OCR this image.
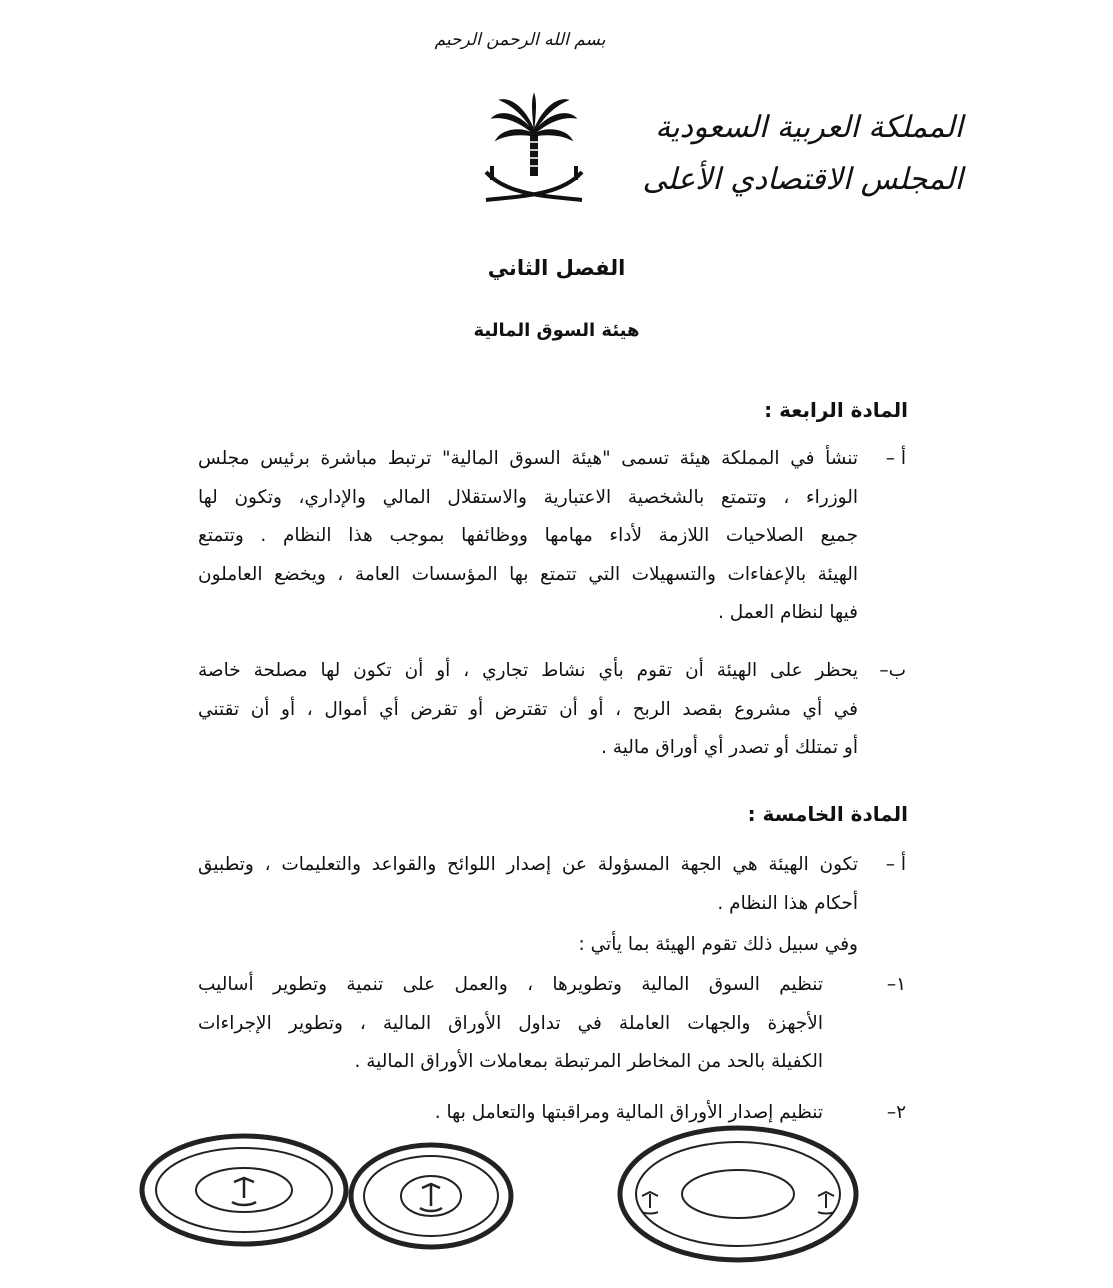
بسم الله الرحمن الرحيم
المملكة العربية السعودية
المجلس الاقتصادي الأعلى
الفصل الثاني
هيئة السوق المالية
المادة الرابعة :
أ –
تنشأ في المملكة هيئة تسمى "هيئة السوق المالية" ترتبط مباشرة برئيس مجلس
الوزراء ، وتتمتع بالشخصية الاعتبارية والاستقلال المالي والإداري، وتكون لها
جميع الصلاحيات اللازمة لأداء مهامها ووظائفها بموجب هذا النظام . وتتمتع
الهيئة بالإعفاءات والتسهيلات التي تتمتع بها المؤسسات العامة ، ويخضع العاملون
فيها لنظام العمل .
ب–
يحظر على الهيئة أن تقوم بأي نشاط تجاري ، أو أن تكون لها مصلحة خاصة
في أي مشروع بقصد الربح ، أو أن تقترض أو تقرض أي أموال ، أو أن تقتني
أو تمتلك أو تصدر أي أوراق مالية .
المادة الخامسة :
أ –
تكون الهيئة هي الجهة المسؤولة عن إصدار اللوائح والقواعد والتعليمات ، وتطبيق
أحكام هذا النظام .
وفي سبيل ذلك تقوم الهيئة بما يأتي :
١–
تنظيم السوق المالية وتطويرها ، والعمل على تنمية وتطوير أساليب
الأجهزة والجهات العاملة في تداول الأوراق المالية ، وتطوير الإجراءات
الكفيلة بالحد من المخاطر المرتبطة بمعاملات الأوراق المالية .
٢–
تنظيم إصدار الأوراق المالية ومراقبتها والتعامل بها .
